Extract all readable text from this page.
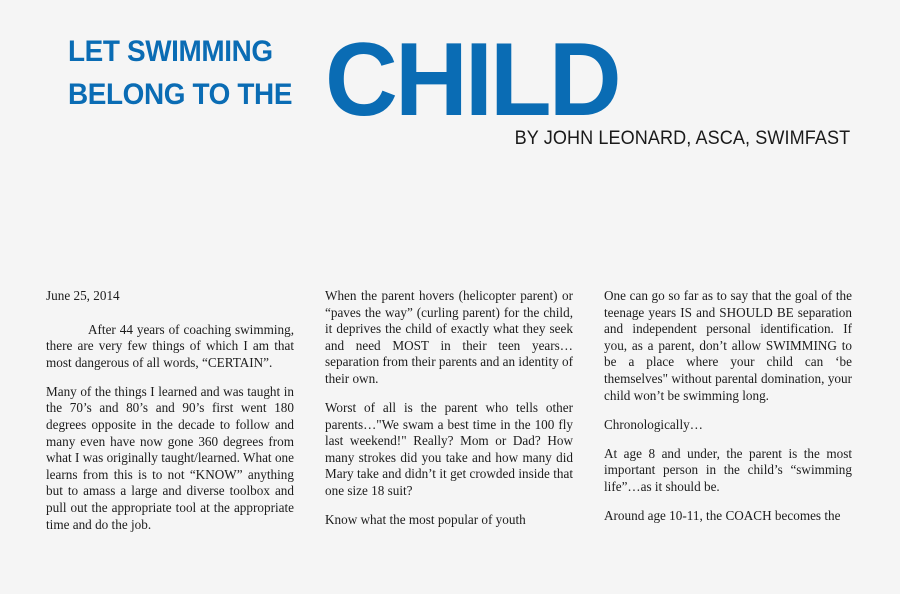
LET SWIMMING
BELONG TO THE CHILD
BY JOHN LEONARD, ASCA, SWIMFAST

June 25, 2014

After 44 years of coaching swimming, there are very few things of which I am that most dangerous of all words, “CERTAIN”.

Many of the things I learned and was taught in the 70’s and 80’s and 90’s first went 180 degrees opposite in the decade to follow and many even have now gone 360 degrees from what I was originally taught/learned. What one learns from this is to not “KNOW” anything but to amass a large and diverse toolbox and pull out the appropriate tool at the appropriate time and do the job.

When the parent hovers (helicopter parent) or “paves the way” (curling parent) for the child, it deprives the child of exactly what they seek and need MOST in their teen years…separation from their parents and an identity of their own.

Worst of all is the parent who tells other parents…"We swam a best time in the 100 fly last weekend!" Really? Mom or Dad? How many strokes did you take and how many did Mary take and didn’t it get crowded inside that one size 18 suit?

Know what the most popular of youth

One can go so far as to say that the goal of the teenage years IS and SHOULD BE separation and independent personal identification. If you, as a parent, don’t allow SWIMMING to be a place where your child can ‘be themselves" without parental domination, your child won’t be swimming long.

Chronologically…

At age 8 and under, the parent is the most important person in the child’s “swimming life”…as it should be.

Around age 10-11, the COACH becomes the
